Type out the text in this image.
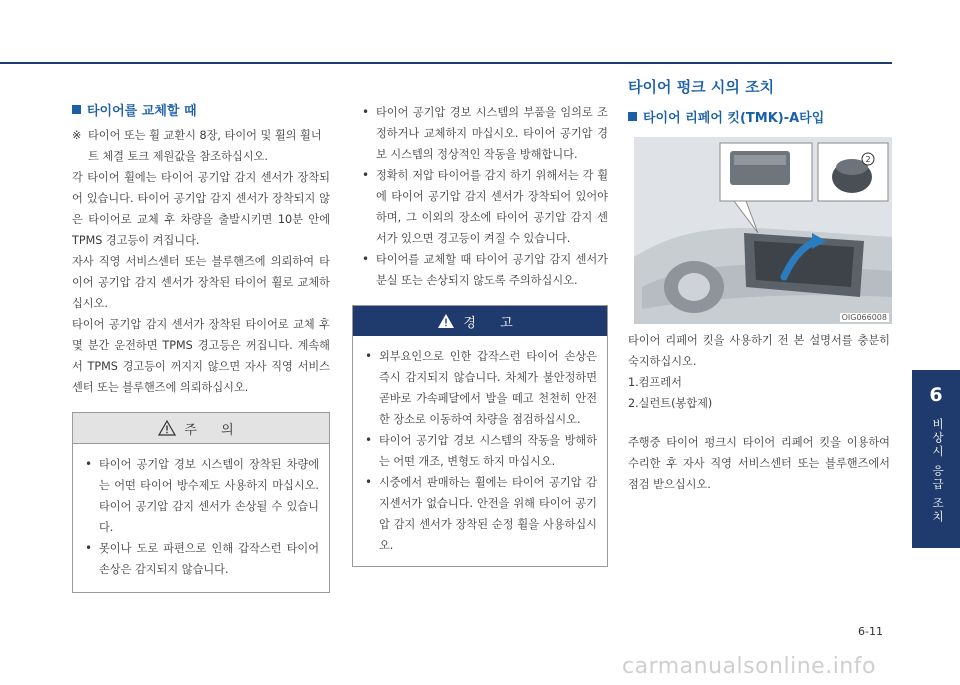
타이어를 교체할 때
※ 타이어 또는 휠 교환시 8장, 타이어 및 휠의 휠너트 체결 토크 제원값을 참조하십시오.

각 타이어 휠에는 타이어 공기압 감지 센서가 장착되어 있습니다. 타이어 공기압 감지 센서가 장착되지 않은 타이어로 교체 후 차량을 출발시키면 10분 안에 TPMS 경고등이 켜집니다.

자사 직영 서비스센터 또는 블루핸즈에 의뢰하여 타이어 공기압 감지 센서가 장착된 타이어 휠로 교체하십시오.

타이어 공기압 감지 센서가 장착된 타이어로 교체 후 몇 분간 운전하면 TPMS 경고등은 꺼집니다. 계속해서 TPMS 경고등이 꺼지지 않으면 자사 직영 서비스센터 또는 블루핸즈에 의뢰하십시오.

주 의
• 타이어 공기압 경보 시스템이 장착된 차량에는 어떤 타이어 방수제도 사용하지 마십시오. 타이어 공기압 감지 센서가 손상될 수 있습니다.
• 못이나 도로 파편으로 인해 갑작스런 타이어 손상은 감지되지 않습니다.
• 타이어 공기압 경보 시스템의 부품을 임의로 조정하거나 교체하지 마십시오. 타이어 공기압 경보 시스템의 정상적인 작동을 방해합니다.
• 정확히 저압 타이어를 감지 하기 위해서는 각 휠에 타이어 공기압 감지 센서가 장착되어 있어야 하며, 그 이외의 장소에 타이어 공기압 감지 센서가 있으면 경고등이 켜질 수 있습니다.
• 타이어를 교체할 때 타이어 공기압 감지 센서가 분실 또는 손상되지 않도록 주의하십시오.
경 고
• 외부요인으로 인한 갑작스런 타이어 손상은 즉시 감지되지 않습니다. 차체가 불안정하면 곧바로 가속페달에서 발을 떼고 천천히 안전한 장소로 이동하여 차량을 점검하십시오.
• 타이어 공기압 경보 시스템의 작동을 방해하는 어떤 개조, 변형도 하지 마십시오.
• 시중에서 판매하는 휠에는 타이어 공기압 감지센서가 없습니다. 안전을 위해 타이어 공기압 감지 센서가 장착된 순정 휠을 사용하십시오.
타이어 펑크 시의 조치
타이어 리페어 킷(TMK)-A타입
2
OIG066008

타이어 리페어 킷을 사용하기 전 본 설명서를 충분히 숙지하십시오.

1.컴프레서

2.실런트(봉합제)

주행중 타이어 펑크시 타이어 리페어 킷을 이용하여 수리한 후 자사 직영 서비스센터 또는 블루핸즈에서 점검 받으십시오.

6
비상시 응급 조치
6-11
carmanualsonline.info
